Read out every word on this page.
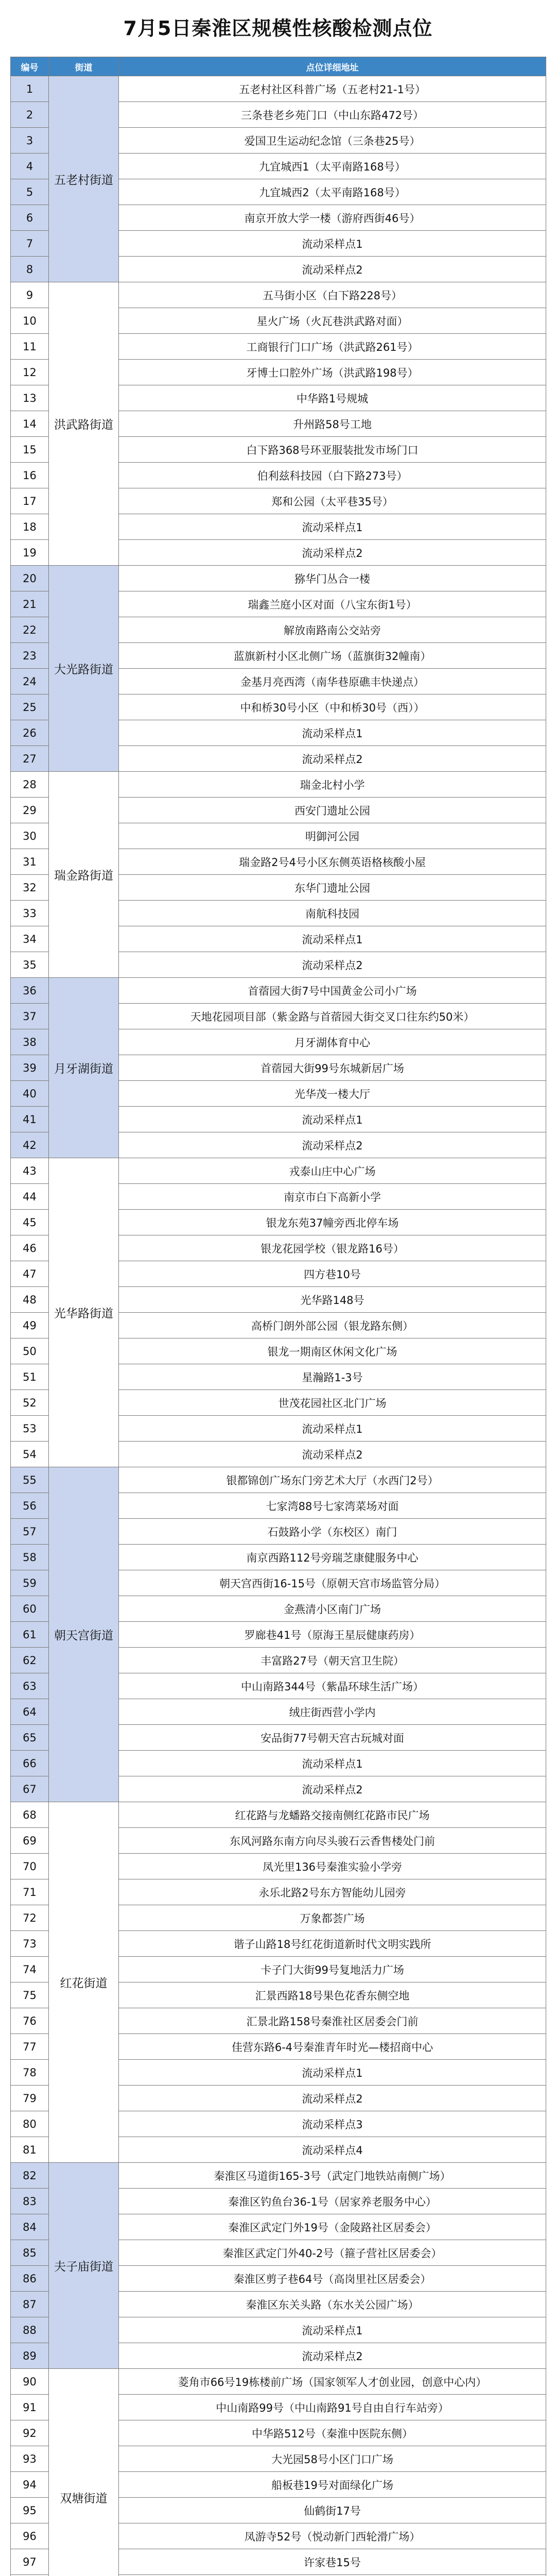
7月5日秦淮区规模性核酸检测点位
编号	街道	点位详细地址
1	五老村街道	五老村社区科普广场（五老村21-1号）
2		三条巷老乡苑门口（中山东路472号）
3		爱国卫生运动纪念馆（三条巷25号）
4		九宜城西1（太平南路168号）
5		九宜城西2（太平南路168号）
6		南京开放大学一楼（游府西街46号）
7		流动采样点1
8		流动采样点2
9	洪武路街道	五马街小区（白下路228号）
10		星火广场（火瓦巷洪武路对面）
11		工商银行门口广场（洪武路261号）
12		牙博士口腔外广场（洪武路198号）
13		中华路1号规城
14		升州路58号工地
15		白下路368号环亚服装批发市场门口
16		伯利兹科技园（白下路273号）
17		郑和公园（太平巷35号）
18		流动采样点1
19		流动采样点2
20	大光路街道	猕华门丛合一楼
21		瑞鑫兰庭小区对面（八宝东街1号）
22		解放南路南公交站旁
23		蓝旗新村小区北侧广场（蓝旗街32幢南）
24		金基月亮西湾（南华巷原礁丰快递点）
25		中和桥30号小区（中和桥30号（西））
26		流动采样点1
27		流动采样点2
28	瑞金路街道	瑞金北村小学
29		西安门遗址公园
30		明御河公园
31		瑞金路2号4号小区东侧英语格核酸小屋
32		东华门遗址公园
33		南航科技园
34		流动采样点1
35		流动采样点2
36	月牙湖街道	首蓿园大街7号中国黄金公司小广场
37		天地花园项目部（紫金路与首蓿园大街交叉口往东约50米）
38		月牙湖体育中心
39		首蓿园大街99号东城新居广场
40		光华茂一楼大厅
41		流动采样点1
42		流动采样点2
43	光华路街道	戎泰山庄中心广场
44		南京市白下高新小学
45		银龙东苑37幢旁西北停车场
46		银龙花园学校（银龙路16号）
47		四方巷10号
48		光华路148号
49		高桥门朗外部公园（银龙路东侧）
50		银龙一期南区休闲文化广场
51		星瀚路1-3号
52		世茂花园社区北门广场
53		流动采样点1
54		流动采样点2
55	朝天宫街道	银都锦创广场东门旁艺术大厅（水西门2号）
56		七家湾88号七家湾菜场对面
57		石鼓路小学（东校区）南门
58		南京西路112号旁瑞芝康健服务中心
59		朝天宫西街16-15号（原朝天宫市场监管分局）
60		金燕清小区南门广场
61		罗廊巷41号（原海王星辰健康药房）
62		丰富路27号（朝天宫卫生院）
63		中山南路344号（紫晶环球生活广场）
64		绒庄街西营小学内
65		安品街77号朝天宫古玩城对面
66		流动采样点1
67		流动采样点2
68	红花街道	红花路与龙蟠路交接南侧红花路市民广场
69		东风河路东南方向尽头骏石云香售楼处门前
70		凤光里136号秦淮实验小学旁
71		永乐北路2号东方智能幼儿园旁
72		万象都荟广场
73		谐子山路18号红花街道新时代文明实践所
74		卡子门大街99号复地活力广场
75		汇景西路18号果色花香东侧空地
76		汇景北路158号秦淮社区居委会门前
77		佳营东路6-4号秦淮青年时光—楼招商中心
78		流动采样点1
79		流动采样点2
80		流动采样点3
81		流动采样点4
82	夫子庙街道	秦淮区马道街165-3号（武定门地铁站南侧广场）
83		秦淮区钓鱼台36-1号（居家养老服务中心）
84		秦淮区武定门外19号（金陵路社区居委会）
85		秦淮区武定门外40-2号（箍子营社区居委会）
86		秦淮区剪子巷64号（高岗里社区居委会）
87		秦淮区东关头路（东水关公园广场）
88		流动采样点1
89		流动采样点2
90	双塘街道	菱角市66号19栋楼前广场（国家领军人才创业园，创意中心内）
91		中山南路99号（中山南路91号自由自行车站旁）
92		中华路512号（秦淮中医院东侧）
93		大光园58号小区门口广场
94		船板巷19号对面绿化广场
95		仙鹤街17号
96		凤游寺52号（悦动新门西轮滑广场）
97		许家巷15号
